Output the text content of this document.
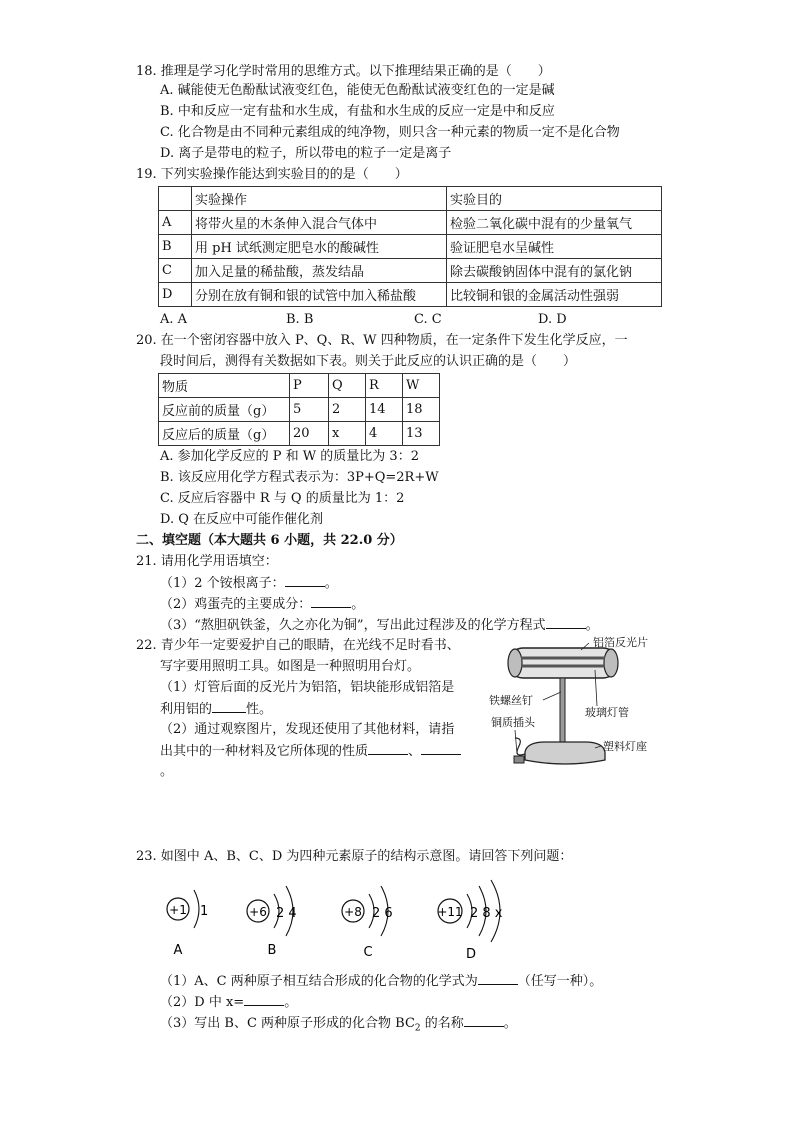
18. 推理是学习化学时常用的思维方式。以下推理结果正确的是（　　）
A. 碱能使无色酚酞试液变红色，能使无色酚酞试液变红色的一定是碱
B. 中和反应一定有盐和水生成，有盐和水生成的反应一定是中和反应
C. 化合物是由不同种元素组成的纯净物，则只含一种元素的物质一定不是化合物
D. 离子是带电的粒子，所以带电的粒子一定是离子
19. 下列实验操作能达到实验目的的是（　　）
	实验操作	实验目的
A	将带火星的木条伸入混合气体中	检验二氧化碳中混有的少量氧气
B	用 pH 试纸测定肥皂水的酸碱性	验证肥皂水呈碱性
C	加入足量的稀盐酸，蒸发结晶	除去碳酸钠固体中混有的氯化钠
D	分别在放有铜和银的试管中加入稀盐酸	比较铜和银的金属活动性强弱
A. A	B. B	C. C	D. D
20. 在一个密闭容器中放入 P、Q、R、W 四种物质，在一定条件下发生化学反应，一
段时间后，测得有关数据如下表。则关于此反应的认识正确的是（　　）
物质	P	Q	R	W
反应前的质量（g）	5	2	14	18
反应后的质量（g）	20	x	4	13
A. 参加化学反应的 P 和 W 的质量比为 3：2
B. 该反应用化学方程式表示为：3P+Q=2R+W
C. 反应后容器中 R 与 Q 的质量比为 1：2
D. Q 在反应中可能作催化剂
二、填空题（本大题共 6 小题，共 22.0 分）
21. 请用化学用语填空：
（1）2 个铵根离子：	。
（2）鸡蛋壳的主要成分：	。
（3）“熬胆矾铁釜，久之亦化为铜”，写出此过程涉及的化学方程式	。
22. 青少年一定要爱护自己的眼睛，在光线不足时看书、
写字要用照明工具。如图是一种照明用台灯。
（1）灯管后面的反光片为铝箔，铝块能形成铝箔是
利用铝的	性。
（2）通过观察图片，发现还使用了其他材料，请指
出其中的一种材料及它所体现的性质	、
。
铝箔反光片
铁螺丝钉
玻璃灯管
铜质插头
塑料灯座
23. 如图中 A、B、C、D 为四种元素原子的结构示意图。请回答下列问题：
+1 1
A
+6 2 4
B
+8 2 6
C
+11 2 8 x
D
（1）A、C 两种原子相互结合形成的化合物的化学式为	（任写一种）。
（2）D 中 x=	。
（3）写出 B、C 两种原子形成的化合物 $BC_2$ 的名称	。
